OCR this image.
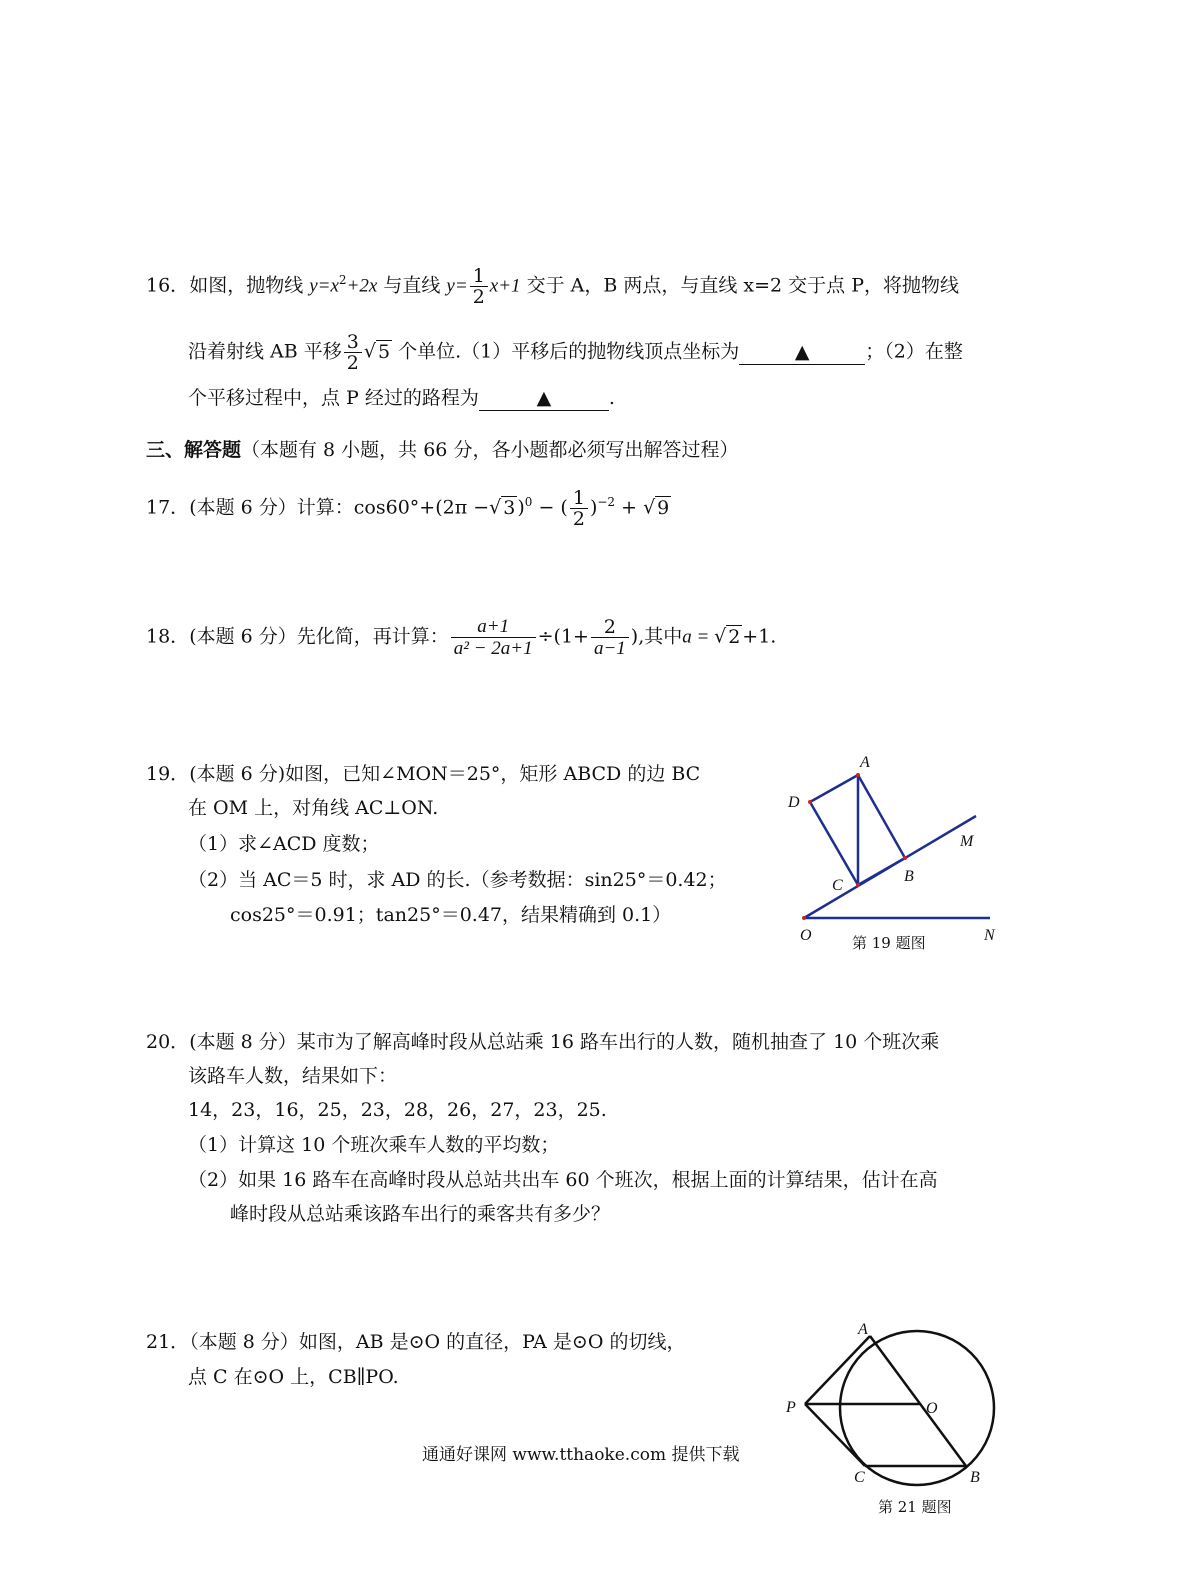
16．如图，抛物线 $y=x^2+2x$ 与直线 $y= \frac{1}{2} x+1$ 交于 A，B 两点，与直线 x=2 交于点 P，将抛物线
沿着射线 AB 平移 $\frac{3}{2}$ √ 5 个单位.（1）平移后的抛物线顶点坐标为	▲	；（2）在整
个平移过程中，点 P 经过的路程为	▲	.
三、解答题（本题有 8 小题，共 66 分，各小题都必须写出解答过程）
17．(本题 6 分）计算：cos60°+(2π −√ 3 )$^0$ − ( $\frac{1}{2} )^{-2}$ + √ 9
18．(本题 6 分）先化简，再计算： $\frac{a+1}{\text{a² − 2a+1}} \div(1+ \frac{2}{a-1}$ ),其中a = √ 2 +1.
19．(本题 6 分)如图，已知∠MON＝25°，矩形 ABCD 的边 BC
在 OM 上，对角线 AC⊥ON.
（1）求∠ACD 度数；
（2）当 AC＝5 时，求 AD 的长.（参考数据：sin25°＝0.42；
cos25°＝0.91；tan25°＝0.47，结果精确到 0.1）
A
D
M
B
C
O	N
第 19 题图
20．(本题 8 分）某市为了解高峰时段从总站乘 16 路车出行的人数，随机抽查了 10 个班次乘
该路车人数，结果如下：
14，23，16，25，23，28，26，27，23，25.
（1）计算这 10 个班次乘车人数的平均数；
（2）如果 16 路车在高峰时段从总站共出车 60 个班次，根据上面的计算结果，估计在高
峰时段从总站乘该路车出行的乘客共有多少？
21．（本题 8 分）如图，AB 是⊙O 的直径，PA 是⊙O 的切线，
点 C 在⊙O 上，CB∥PO.
A
P	O
C	B
第 21 题图
通通好课网 www.tthaoke.com 提供下载
